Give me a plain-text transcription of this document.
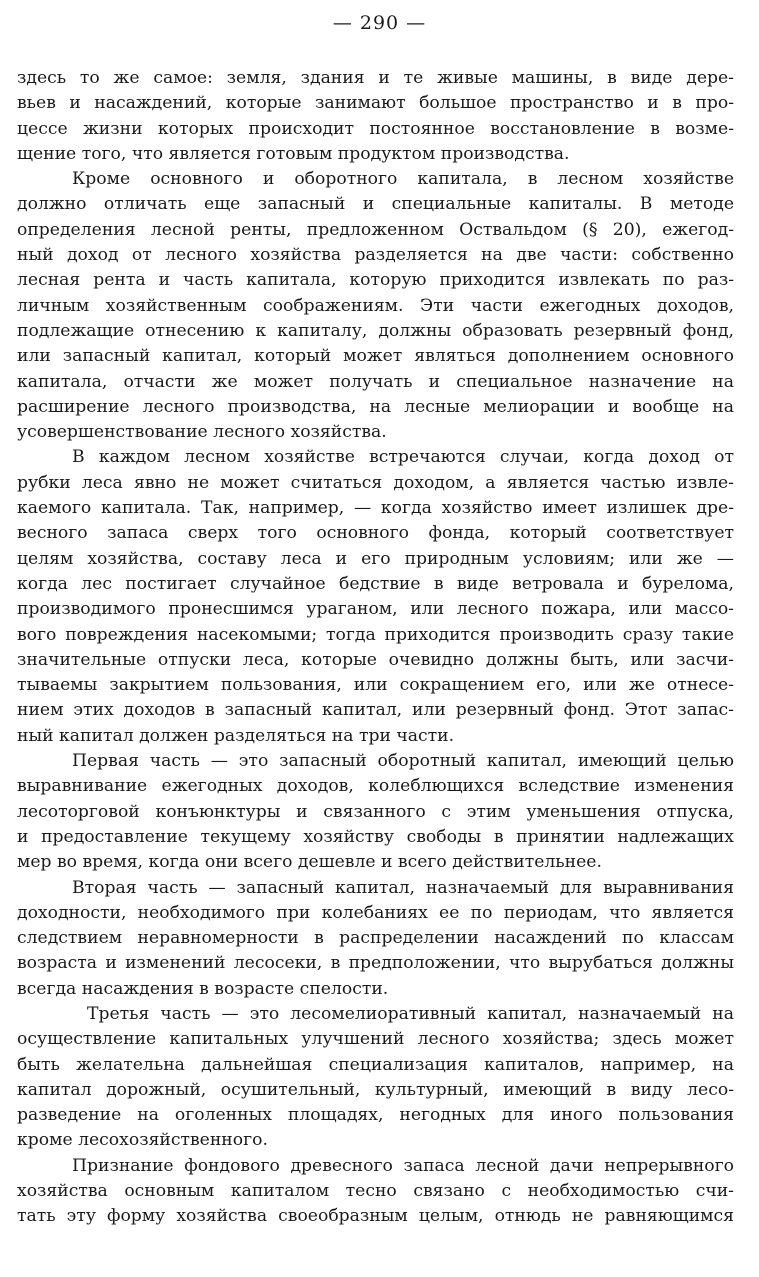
— 290 —
здесь то же самое: земля, здания и те живые машины, в виде дере-
вьев и насаждений, которые занимают большое пространство и в про-
цессе жизни которых происходит постоянное восстановление в возме-
щение того, что является готовым продуктом производства.
Кроме основного и оборотного капитала, в лесном хозяйстве
должно отличать еще запасный и специальные капиталы. В методе
определения лесной ренты, предложенном Оствальдом (§ 20), ежегод-
ный доход от лесного хозяйства разделяется на две части: собственно
лесная рента и часть капитала, которую приходится извлекать по раз-
личным хозяйственным соображениям. Эти части ежегодных доходов,
подлежащие отнесению к капиталу, должны образовать резервный фонд,
или запасный капитал, который может являться дополнением основного
капитала, отчасти же может получать и специальное назначение на
расширение лесного производства, на лесные мелиорации и вообще на
усовершенствование лесного хозяйства.
В каждом лесном хозяйстве встречаются случаи, когда доход от
рубки леса явно не может считаться доходом, а является частью извле-
каемого капитала. Так, например, — когда хозяйство имеет излишек дре-
весного запаса сверх того основного фонда, который соответствует
целям хозяйства, составу леса и его природным условиям; или же —
когда лес постигает случайное бедствие в виде ветровала и бурелома,
производимого пронесшимся ураганом, или лесного пожара, или массо-
вого повреждения насекомыми; тогда приходится производить сразу такие
значительные отпуски леса, которые очевидно должны быть, или засчи-
тываемы закрытием пользования, или сокращением его, или же отнесе-
нием этих доходов в запасный капитал, или резервный фонд. Этот запас-
ный капитал должен разделяться на три части.
Первая часть — это запасный оборотный капитал, имеющий целью
выравнивание ежегодных доходов, колеблющихся вследствие изменения
лесоторговой конъюнктуры и связанного с этим уменьшения отпуска,
и предоставление текущему хозяйству свободы в принятии надлежащих
мер во время, когда они всего дешевле и всего действительнее.
Вторая часть — запасный капитал, назначаемый для выравнивания
доходности, необходимого при колебаниях ее по периодам, что является
следствием неравномерности в распределении насаждений по классам
возраста и изменений лесосеки, в предположении, что вырубаться должны
всегда насаждения в возрасте спелости.
Третья часть — это лесомелиоративный капитал, назначаемый на
осуществление капитальных улучшений лесного хозяйства; здесь может
быть желательна дальнейшая специализация капиталов, например, на
капитал дорожный, осушительный, культурный, имеющий в виду лесо-
разведение на оголенных площадях, негодных для иного пользования
кроме лесохозяйственного.
Признание фондового древесного запаса лесной дачи непрерывного
хозяйства основным капиталом тесно связано с необходимостью счи-
тать эту форму хозяйства своеобразным целым, отнюдь не равняющимся
